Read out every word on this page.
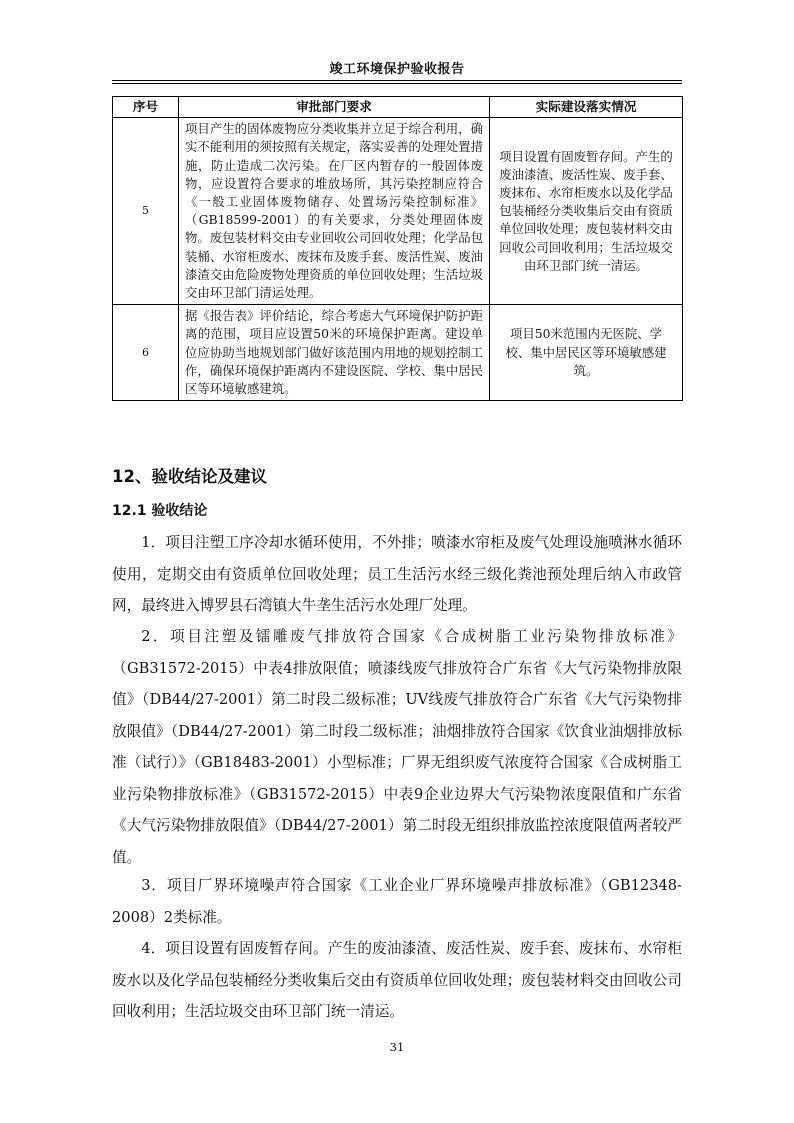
竣工环境保护验收报告
序号	审批部门要求	实际建设落实情况
5	项目产生的固体废物应分类收集并立足于综合利用，确实不能利用的须按照有关规定，落实妥善的处理处置措施，防止造成二次污染。在厂区内暂存的一般固体废物，应设置符合要求的堆放场所，其污染控制应符合《一般工业固体废物储存、处置场污染控制标准》（GB18599-2001）的有关要求，分类处理固体废物。废包装材料交由专业回收公司回收处理；化学品包装桶、水帘柜废水、废抹布及废手套、废活性炭、废油漆渣交由危险废物处理资质的单位回收处理；生活垃圾交由环卫部门清运处理。	项目设置有固废暂存间。产生的废油漆渣、废活性炭、废手套、废抹布、水帘柜废水以及化学品包装桶经分类收集后交由有资质单位回收处理；废包装材料交由回收公司回收利用；生活垃圾交由环卫部门统一清运。
6	据《报告表》评价结论，综合考虑大气环境保护防护距离的范围，项目应设置50米的环境保护距离。建设单位应协助当地规划部门做好该范围内用地的规划控制工作，确保环境保护距离内不建设医院、学校、集中居民区等环境敏感建筑。	项目50米范围内无医院、学校、集中居民区等环境敏感建筑。
12、验收结论及建议
12.1 验收结论

1．项目注塑工序冷却水循环使用，不外排；喷漆水帘柜及废气处理设施喷淋水循环使用，定期交由有资质单位回收处理；员工生活污水经三级化粪池预处理后纳入市政管网，最终进入博罗县石湾镇大牛垄生活污水处理厂处理。

2．项目注塑及镭雕废气排放符合国家《合成树脂工业污染物排放标准》（GB31572-2015）中表4排放限值；喷漆线废气排放符合广东省《大气污染物排放限值》（DB44/27-2001）第二时段二级标准；UV线废气排放符合广东省《大气污染物排放限值》（DB44/27-2001）第二时段二级标准；油烟排放符合国家《饮食业油烟排放标准（试行）》（GB18483-2001）小型标准；厂界无组织废气浓度符合国家《合成树脂工业污染物排放标准》（GB31572-2015）中表9企业边界大气污染物浓度限值和广东省《大气污染物排放限值》（DB44/27-2001）第二时段无组织排放监控浓度限值两者较严值。

3．项目厂界环境噪声符合国家《工业企业厂界环境噪声排放标准》（GB12348-2008）2类标准。

4．项目设置有固废暂存间。产生的废油漆渣、废活性炭、废手套、废抹布、水帘柜废水以及化学品包装桶经分类收集后交由有资质单位回收处理；废包装材料交由回收公司回收利用；生活垃圾交由环卫部门统一清运。

31
